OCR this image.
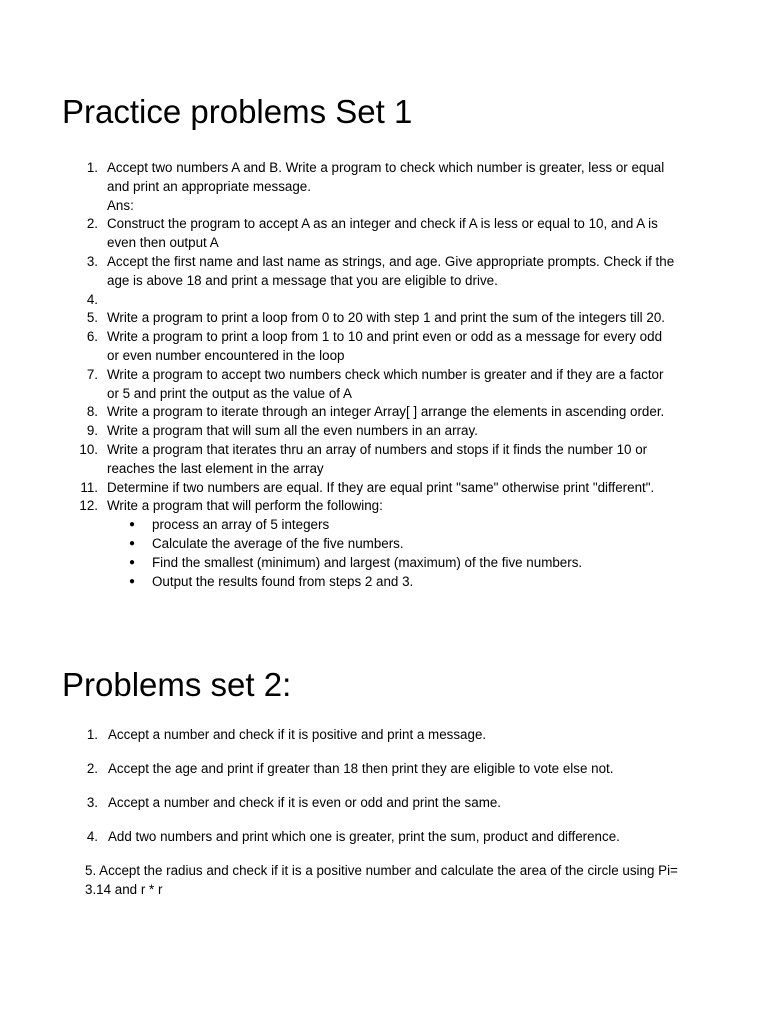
Practice problems Set 1
1. Accept two numbers A and B. Write a program to check which number is greater, less or equal and print an appropriate message.
Ans:
2. Construct the program to accept A as an integer and check if A is less or equal to 10, and A is even then output A
3. Accept the first name and last name as strings, and age. Give appropriate prompts. Check if the age is above 18 and print a message that you are eligible to drive.
4.
5. Write a program to print a loop from 0 to 20 with step 1 and print the sum of the integers till 20.
6. Write a program to print a loop from 1 to 10 and print even or odd as a message for every odd or even number encountered in the loop
7. Write a program to accept two numbers check which number is greater and if they are a factor or 5 and print the output as the value of A
8. Write a program to iterate through an integer Array[ ] arrange the elements in ascending order.
9. Write a program that will sum all the even numbers in an array.
10. Write a program that iterates thru an array of numbers and stops if it finds the number 10 or reaches the last element in the array
11. Determine if two numbers are equal. If they are equal print "same" otherwise print "different".
12. Write a program that will perform the following:
● process an array of 5 integers
● Calculate the average of the five numbers.
● Find the smallest (minimum) and largest (maximum) of the five numbers.
● Output the results found from steps 2 and 3.
Problems set 2:
1. Accept a number and check if it is positive and print a message.
2. Accept the age and print if greater than 18 then print they are eligible to vote else not.
3. Accept a number and check if it is even or odd and print the same.
4. Add two numbers and print which one is greater, print the sum, product and difference.

5. Accept the radius and check if it is a positive number and calculate the area of the circle using Pi= 3.14 and r * r
